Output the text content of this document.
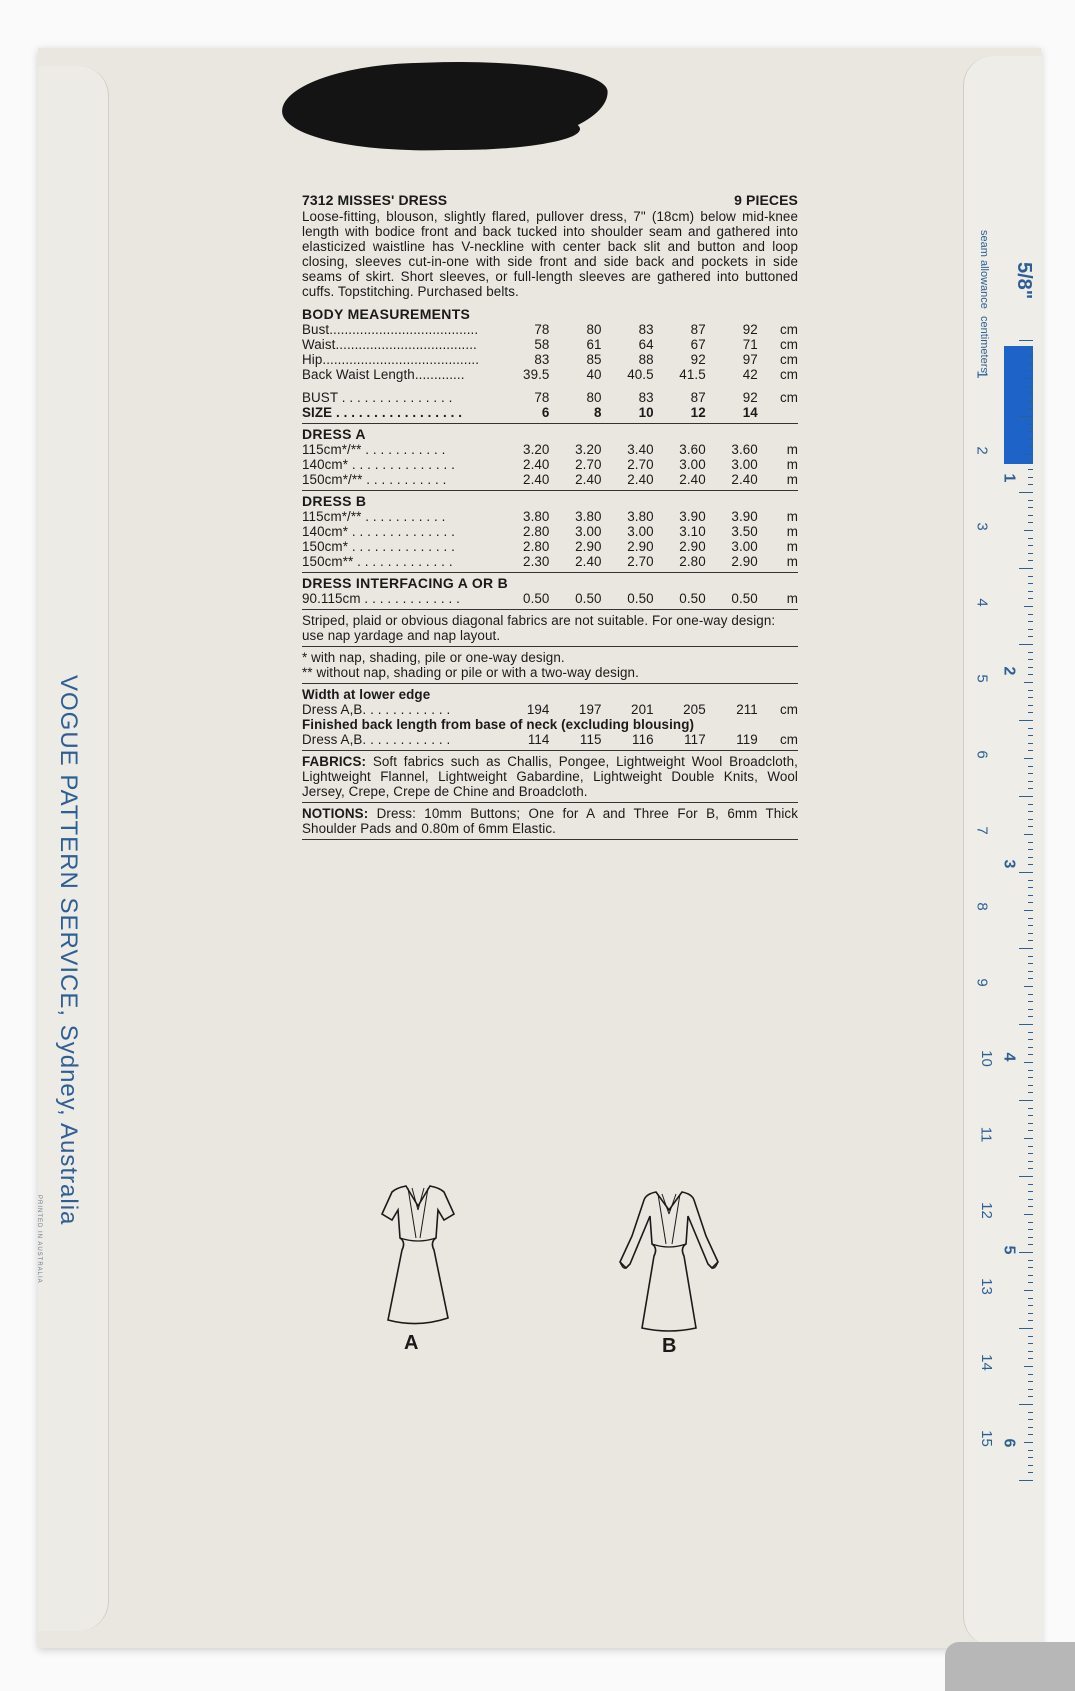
VOGUE PATTERN SERVICE, Sydney, Australia
PRINTED IN AUSTRALIA
7312 MISSES' DRESS	9 PIECES
Loose-fitting, blouson, slightly flared, pullover dress, 7" (18cm) below mid-knee length with bodice front and back tucked into shoulder seam and gathered into elasticized waistline has V-neckline with center back slit and button and loop closing, sleeves cut-in-one with side front and side back and pockets in side seams of skirt. Short sleeves, or full-length sleeves are gathered into buttoned cuffs. Topstitching. Purchased belts.
BODY MEASUREMENTS
Bust.......................................	78	80	83	87	92	cm
Waist.....................................	58	61	64	67	71	cm
Hip.........................................	83	85	88	92	97	cm
Back Waist Length.............	39.5	40	40.5	41.5	42	cm
BUST . . . . . . . . . . . . . . .	78	80	83	87	92	cm
SIZE . . . . . . . . . . . . . . . . .	6	8	10	12	14	
DRESS A
115cm*/** . . . . . . . . . . .	3.20	3.20	3.40	3.60	3.60	m
140cm* . . . . . . . . . . . . . .	2.40	2.70	2.70	3.00	3.00	m
150cm*/** . . . . . . . . . . .	2.40	2.40	2.40	2.40	2.40	m
DRESS B
115cm*/** . . . . . . . . . . .	3.80	3.80	3.80	3.90	3.90	m
140cm* . . . . . . . . . . . . . .	2.80	3.00	3.00	3.10	3.50	m
150cm* . . . . . . . . . . . . . .	2.80	2.90	2.90	2.90	3.00	m
150cm** . . . . . . . . . . . . .	2.30	2.40	2.70	2.80	2.90	m
DRESS INTERFACING A OR B
90.115cm . . . . . . . . . . . . .	0.50	0.50	0.50	0.50	0.50	m
Striped, plaid or obvious diagonal fabrics are not suitable. For one-way design: use nap yardage and nap layout.
* with nap, shading, pile or one-way design.
** without nap, shading or pile or with a two-way design.
Width at lower edge
Dress A,B. . . . . . . . . . . .	194	197	201	205	211	cm
Finished back length from base of neck (excluding blousing)
Dress A,B. . . . . . . . . . . .	114	115	116	117	119	cm
FABRICS: Soft fabrics such as Challis, Pongee, Lightweight Wool Broadcloth, Lightweight Flannel, Lightweight Gabardine, Lightweight Double Knits, Wool Jersey, Crepe, Crepe de Chine and Broadcloth.
NOTIONS: Dress: 10mm Buttons; One for A and Three For B, 6mm Thick Shoulder Pads and 0.80m of 6mm Elastic.
A	B
seam allowance centimeters
5/8"
1
2
3
4
5
6
7
8
9
10
11
12
13
14
15
1
2
3
4
5
6
